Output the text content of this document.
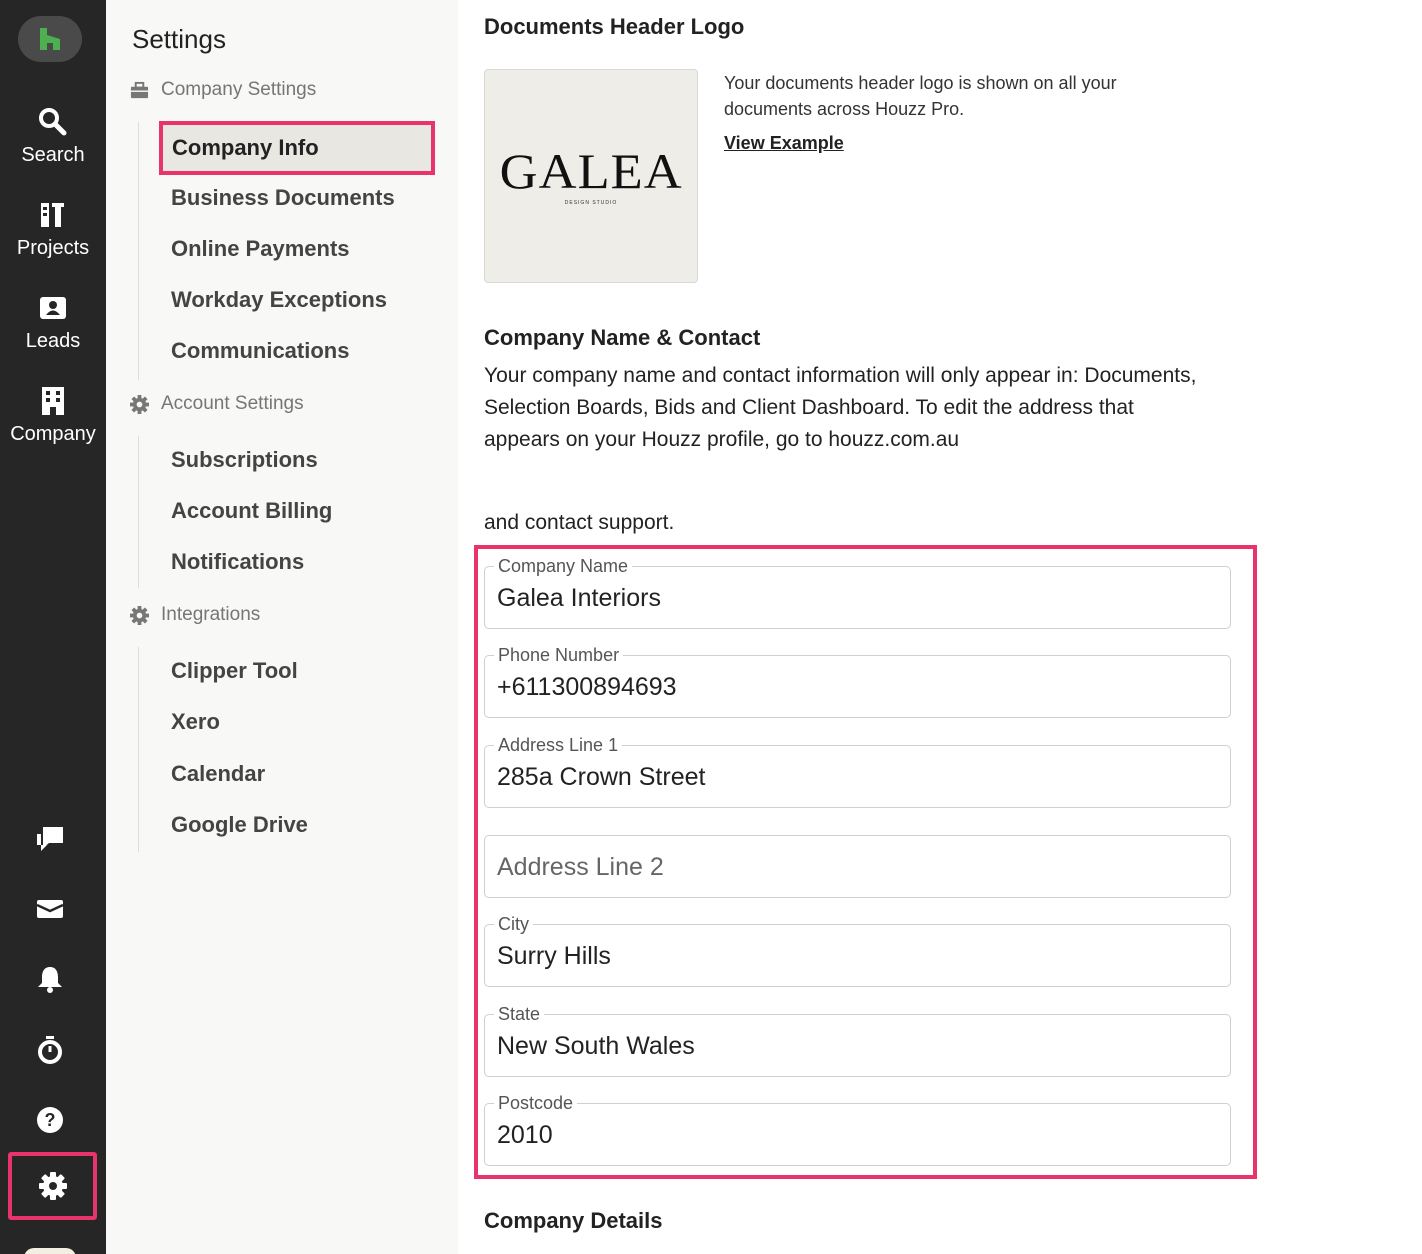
Search
Projects
Leads
Company
?
Settings
Company Settings
Company Info
Business Documents
Online Payments
Workday Exceptions
Communications
Account Settings
Subscriptions
Account Billing
Notifications
Integrations
Clipper Tool
Xero
Calendar
Google Drive
Documents Header Logo
GALEA
DESIGN STUDIO
Your documents header logo is shown on all your documents across Houzz Pro.
View Example
Company Name & Contact
Your company name and contact information will only appear in: Documents, Selection Boards, Bids and Client Dashboard. To edit the address that appears on your Houzz profile, go to houzz.com.au
and contact support.
Company Name
Galea Interiors
Phone Number
+611300894693
Address Line 1
285a Crown Street
Address Line 2
City
Surry Hills
State
New South Wales
Postcode
2010
Company Details
